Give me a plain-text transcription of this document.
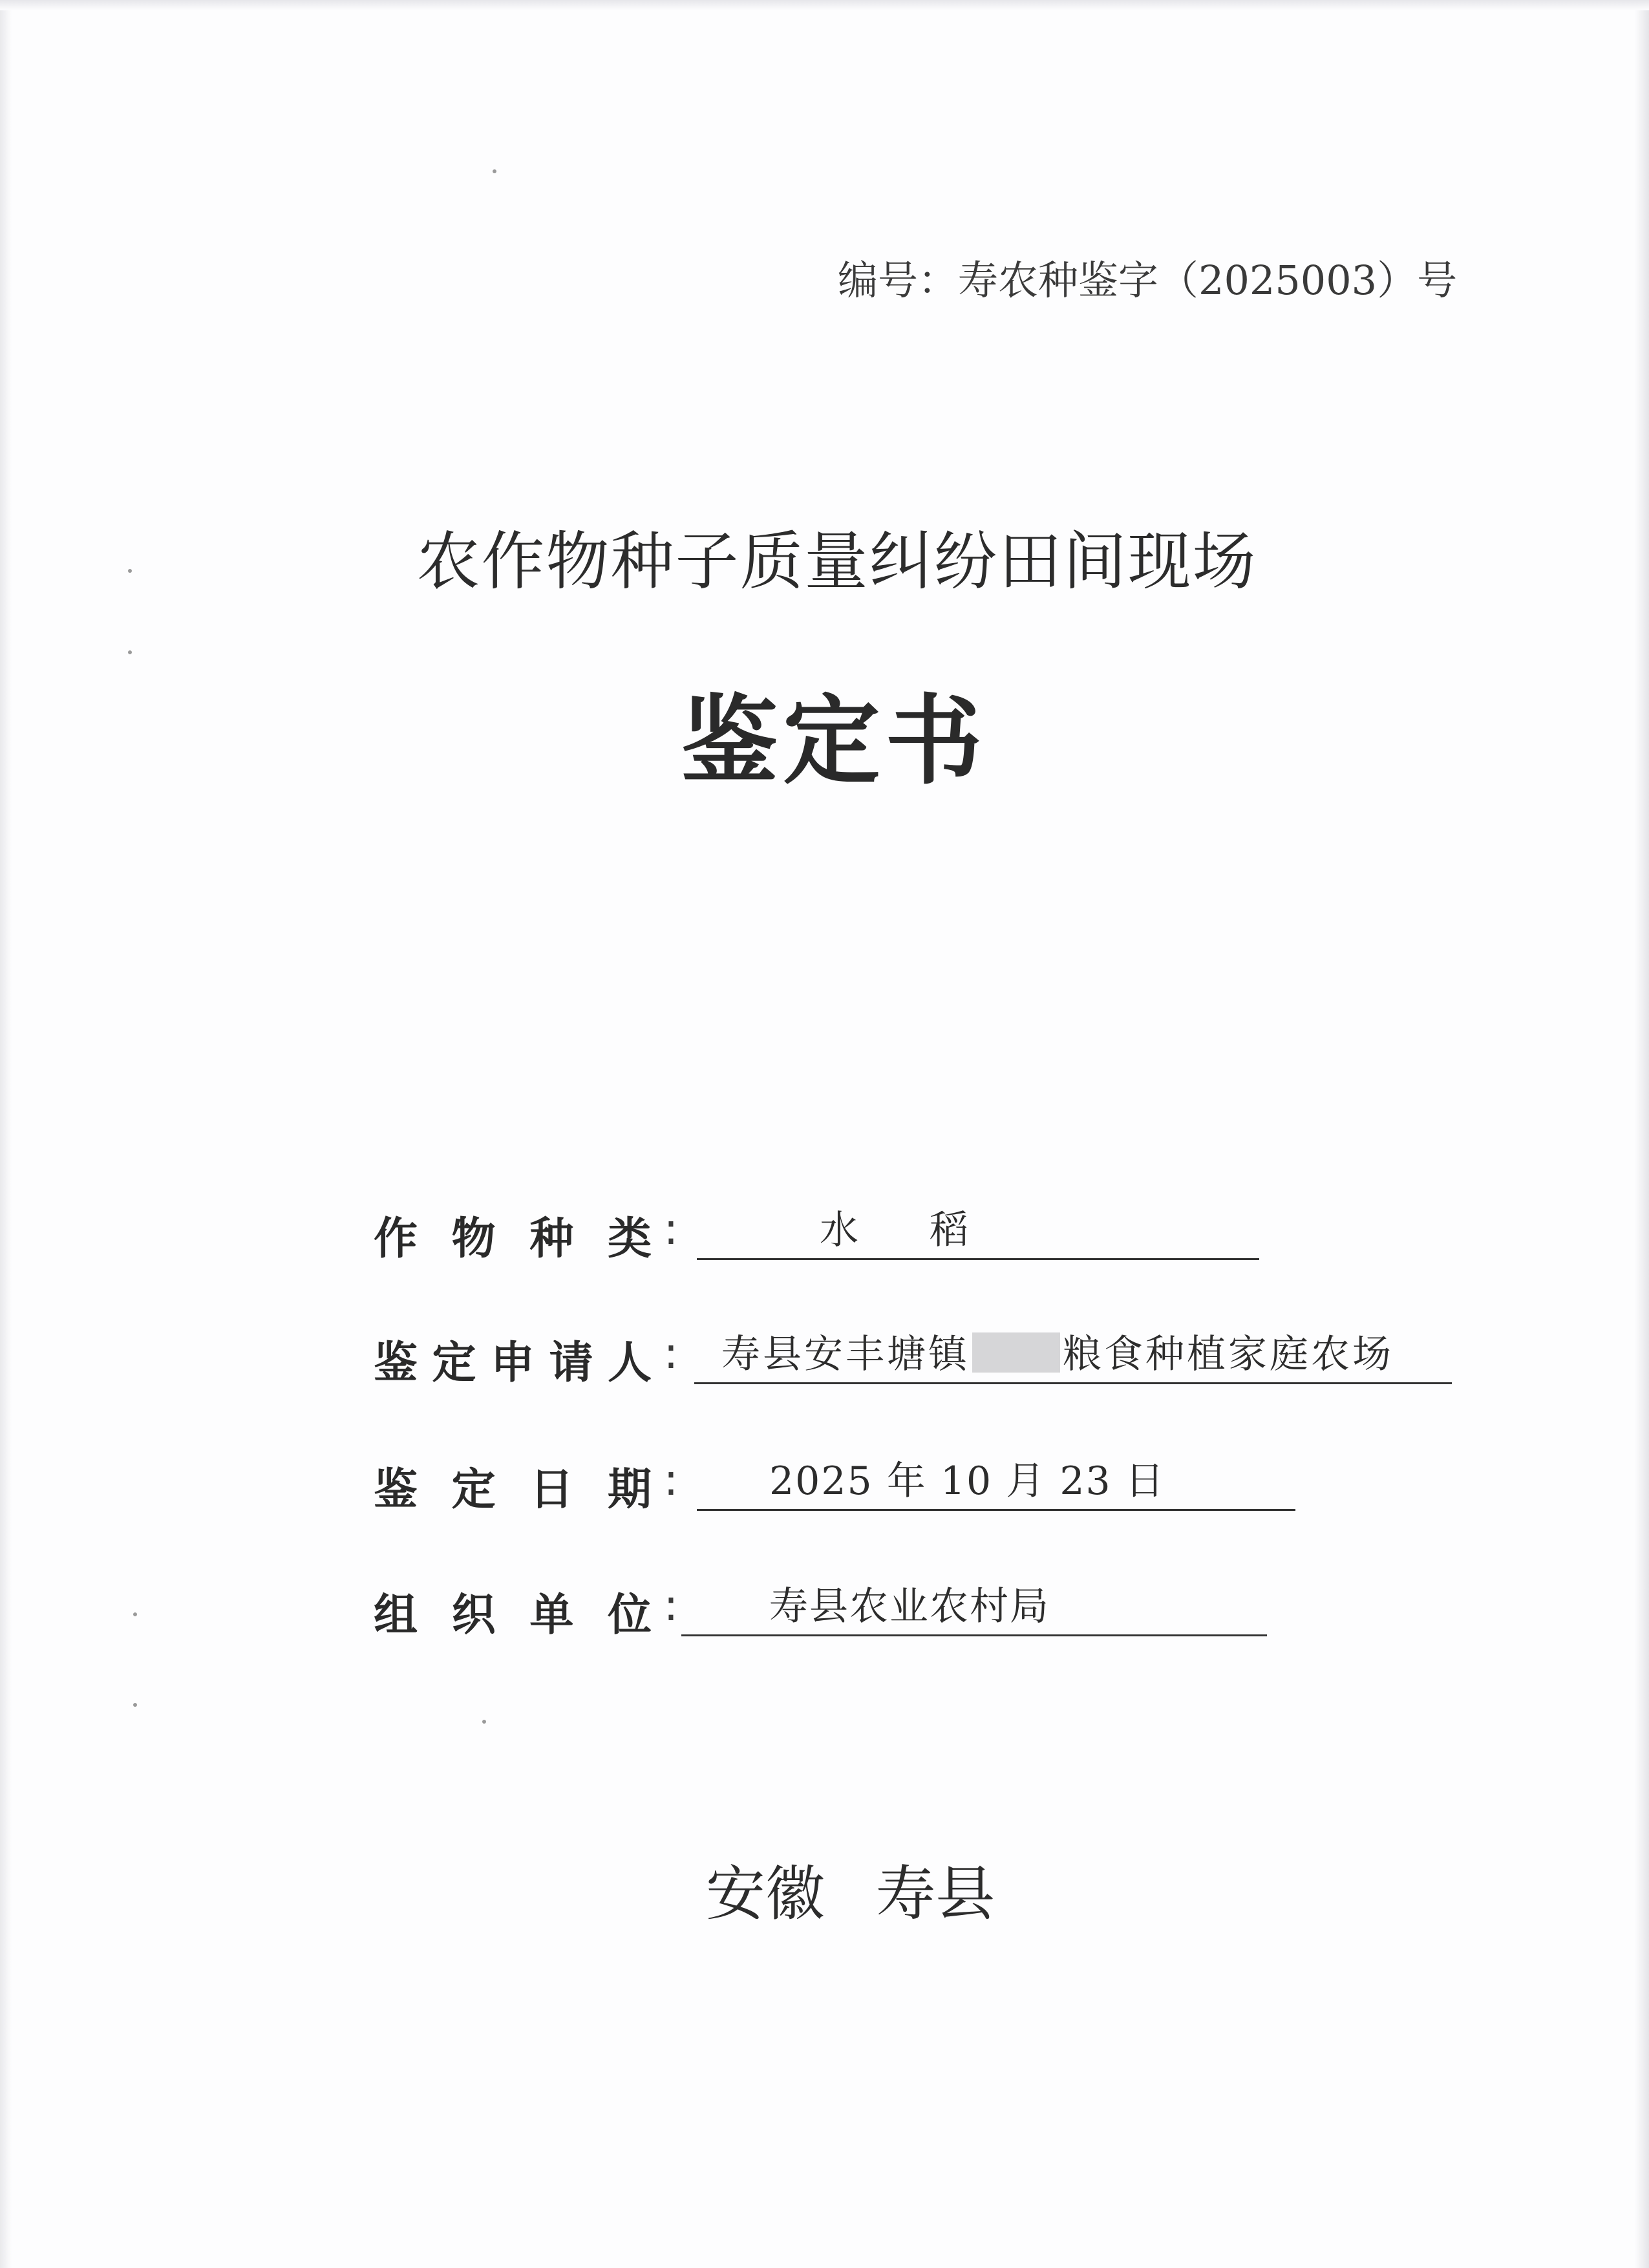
编号：寿农种鉴字（2025003）号
农作物种子质量纠纷田间现场
鉴定书
作物种类 :	水稻
鉴定申请人 :	寿县安丰塘镇 粮食种植家庭农场
鉴定日期 :	2025 年 10 月 23 日
组织单位 :	寿县农业农村局
安徽 寿县
